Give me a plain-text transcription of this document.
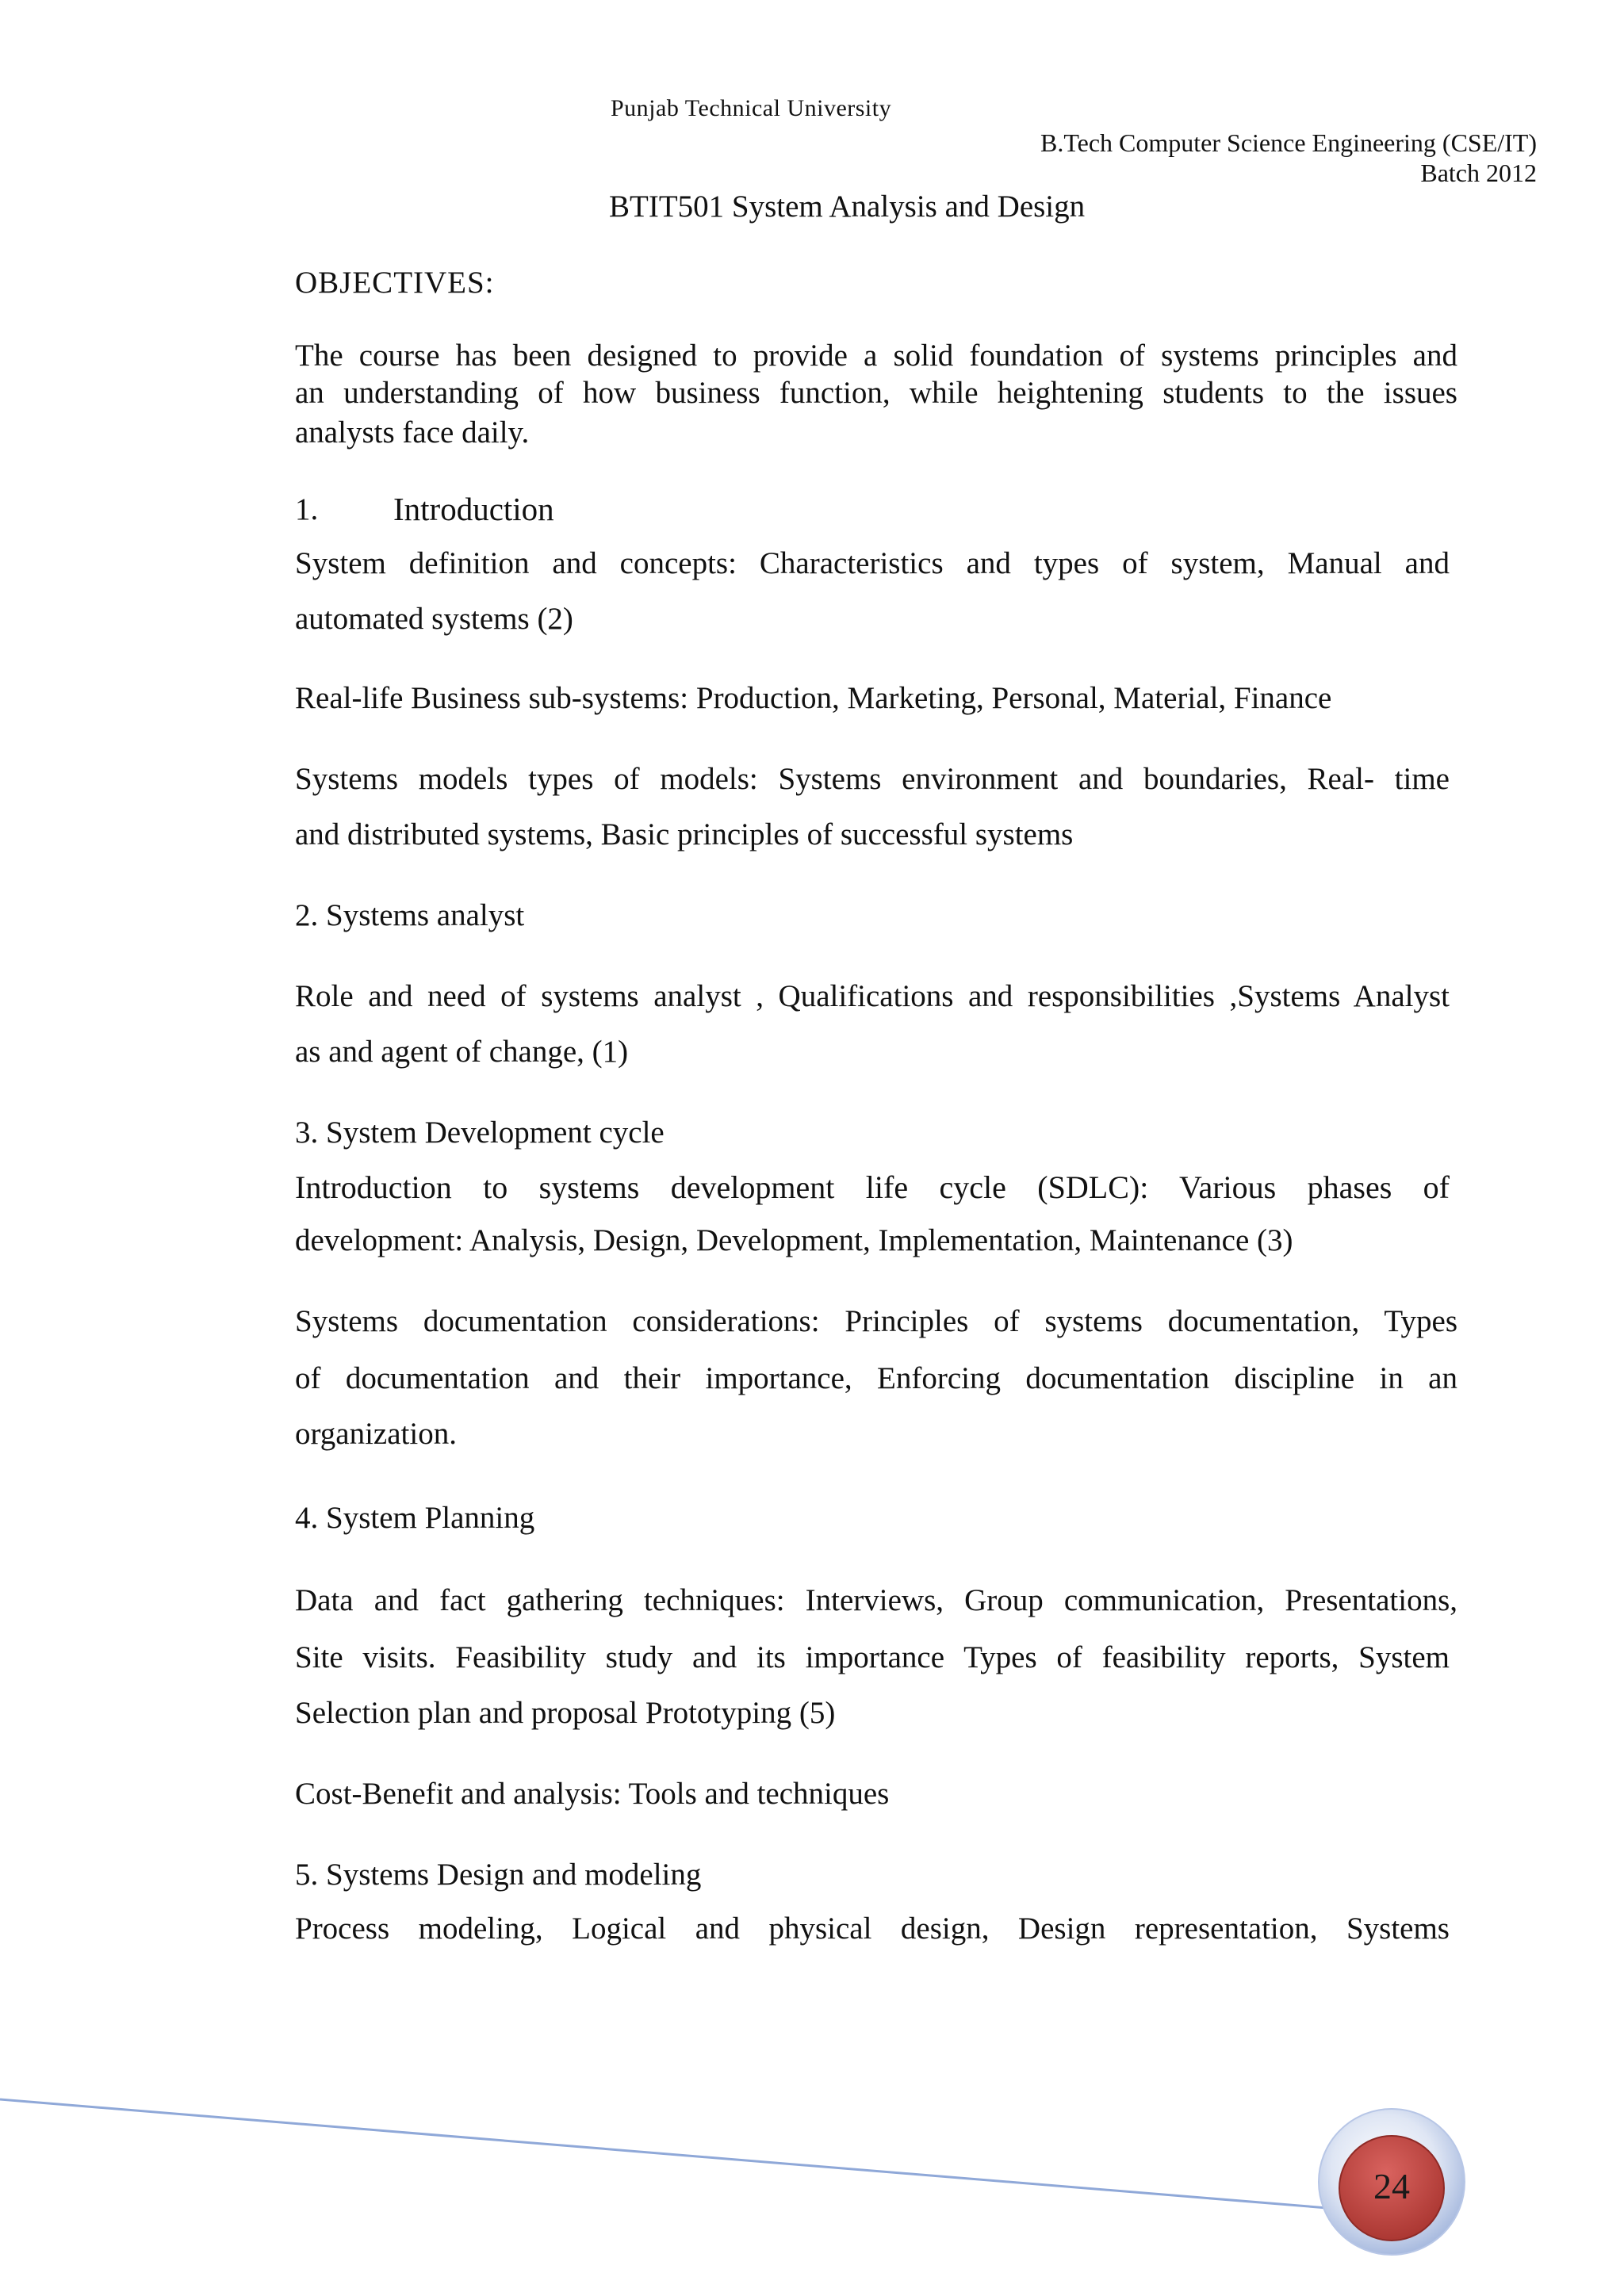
Punjab Technical University
B.Tech Computer Science Engineering (CSE/IT)
Batch 2012
BTIT501 System Analysis and Design
OBJECTIVES:
The course has been designed to provide a solid foundation of systems principles and
an understanding of how business function, while heightening students to the issues
analysts face daily.
1. Introduction
System definition and concepts: Characteristics and types of system, Manual and
automated systems (2)
Real-life Business sub-systems: Production, Marketing, Personal, Material, Finance
Systems models types of models: Systems environment and boundaries, Real- time
and distributed systems, Basic principles of successful systems
2. Systems analyst
Role and need of systems analyst , Qualifications and responsibilities ,Systems Analyst
as and agent of change, (1)
3. System Development cycle
Introduction to systems development life cycle (SDLC): Various phases of
development: Analysis, Design, Development, Implementation, Maintenance (3)
Systems documentation considerations: Principles of systems documentation, Types
of documentation and their importance, Enforcing documentation discipline in an
organization.
4. System Planning
Data and fact gathering techniques: Interviews, Group communication, Presentations,
Site visits. Feasibility study and its importance Types of feasibility reports, System
Selection plan and proposal Prototyping (5)
Cost-Benefit and analysis: Tools and techniques
5. Systems Design and modeling
Process modeling, Logical and physical design, Design representation, Systems
24
